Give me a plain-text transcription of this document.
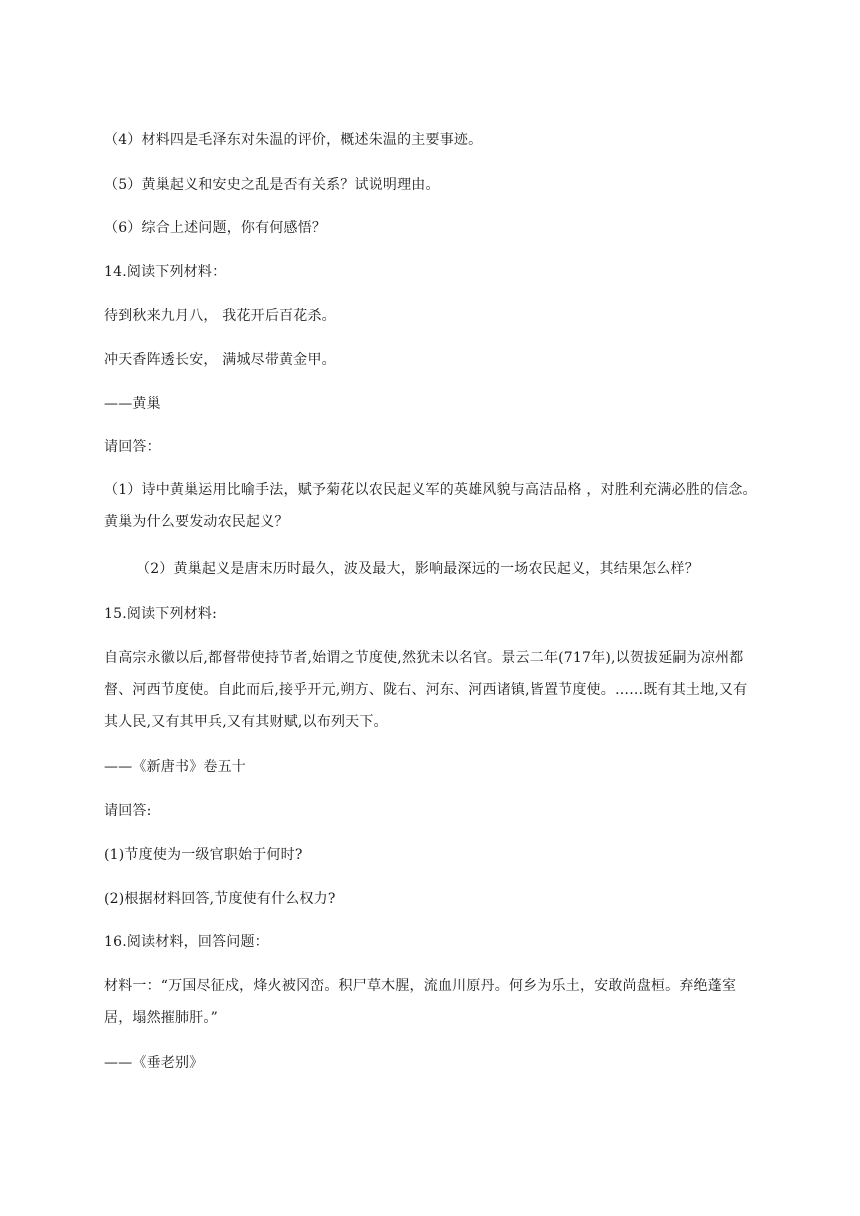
（4）材料四是毛泽东对朱温的评价，概述朱温的主要事迹。
（5）黄巢起义和安史之乱是否有关系？试说明理由。
（6）综合上述问题，你有何感悟？
14.阅读下列材料：
待到秋来九月八， 我花开后百花杀。
冲天香阵透长安， 满城尽带黄金甲。
——黄巢
请回答：
（1）诗中黄巢运用比喻手法，赋予菊花以农民起义军的英雄风貌与高洁品格 ，对胜利充满必胜的信念。黄巢为什么要发动农民起义？
（2）黄巢起义是唐末历时最久，波及最大，影响最深远的一场农民起义，其结果怎么样？
15.阅读下列材料:
自高宗永徽以后,都督带使持节者,始谓之节度使,然犹未以名官。景云二年(717年),以贺拔延嗣为凉州都督、河西节度使。自此而后,接乎开元,朔方、陇右、河东、河西诸镇,皆置节度使。……既有其土地,又有其人民,又有其甲兵,又有其财赋,以布列天下。
——《新唐书》卷五十
请回答:
(1)节度使为一级官职始于何时?
(2)根据材料回答,节度使有什么权力?
16.阅读材料，回答问题：
材料一：“万国尽征戍，烽火被冈峦。积尸草木腥，流血川原丹。何乡为乐土，安敢尚盘桓。弃绝蓬室居，塌然摧肺肝。”
——《垂老别》
